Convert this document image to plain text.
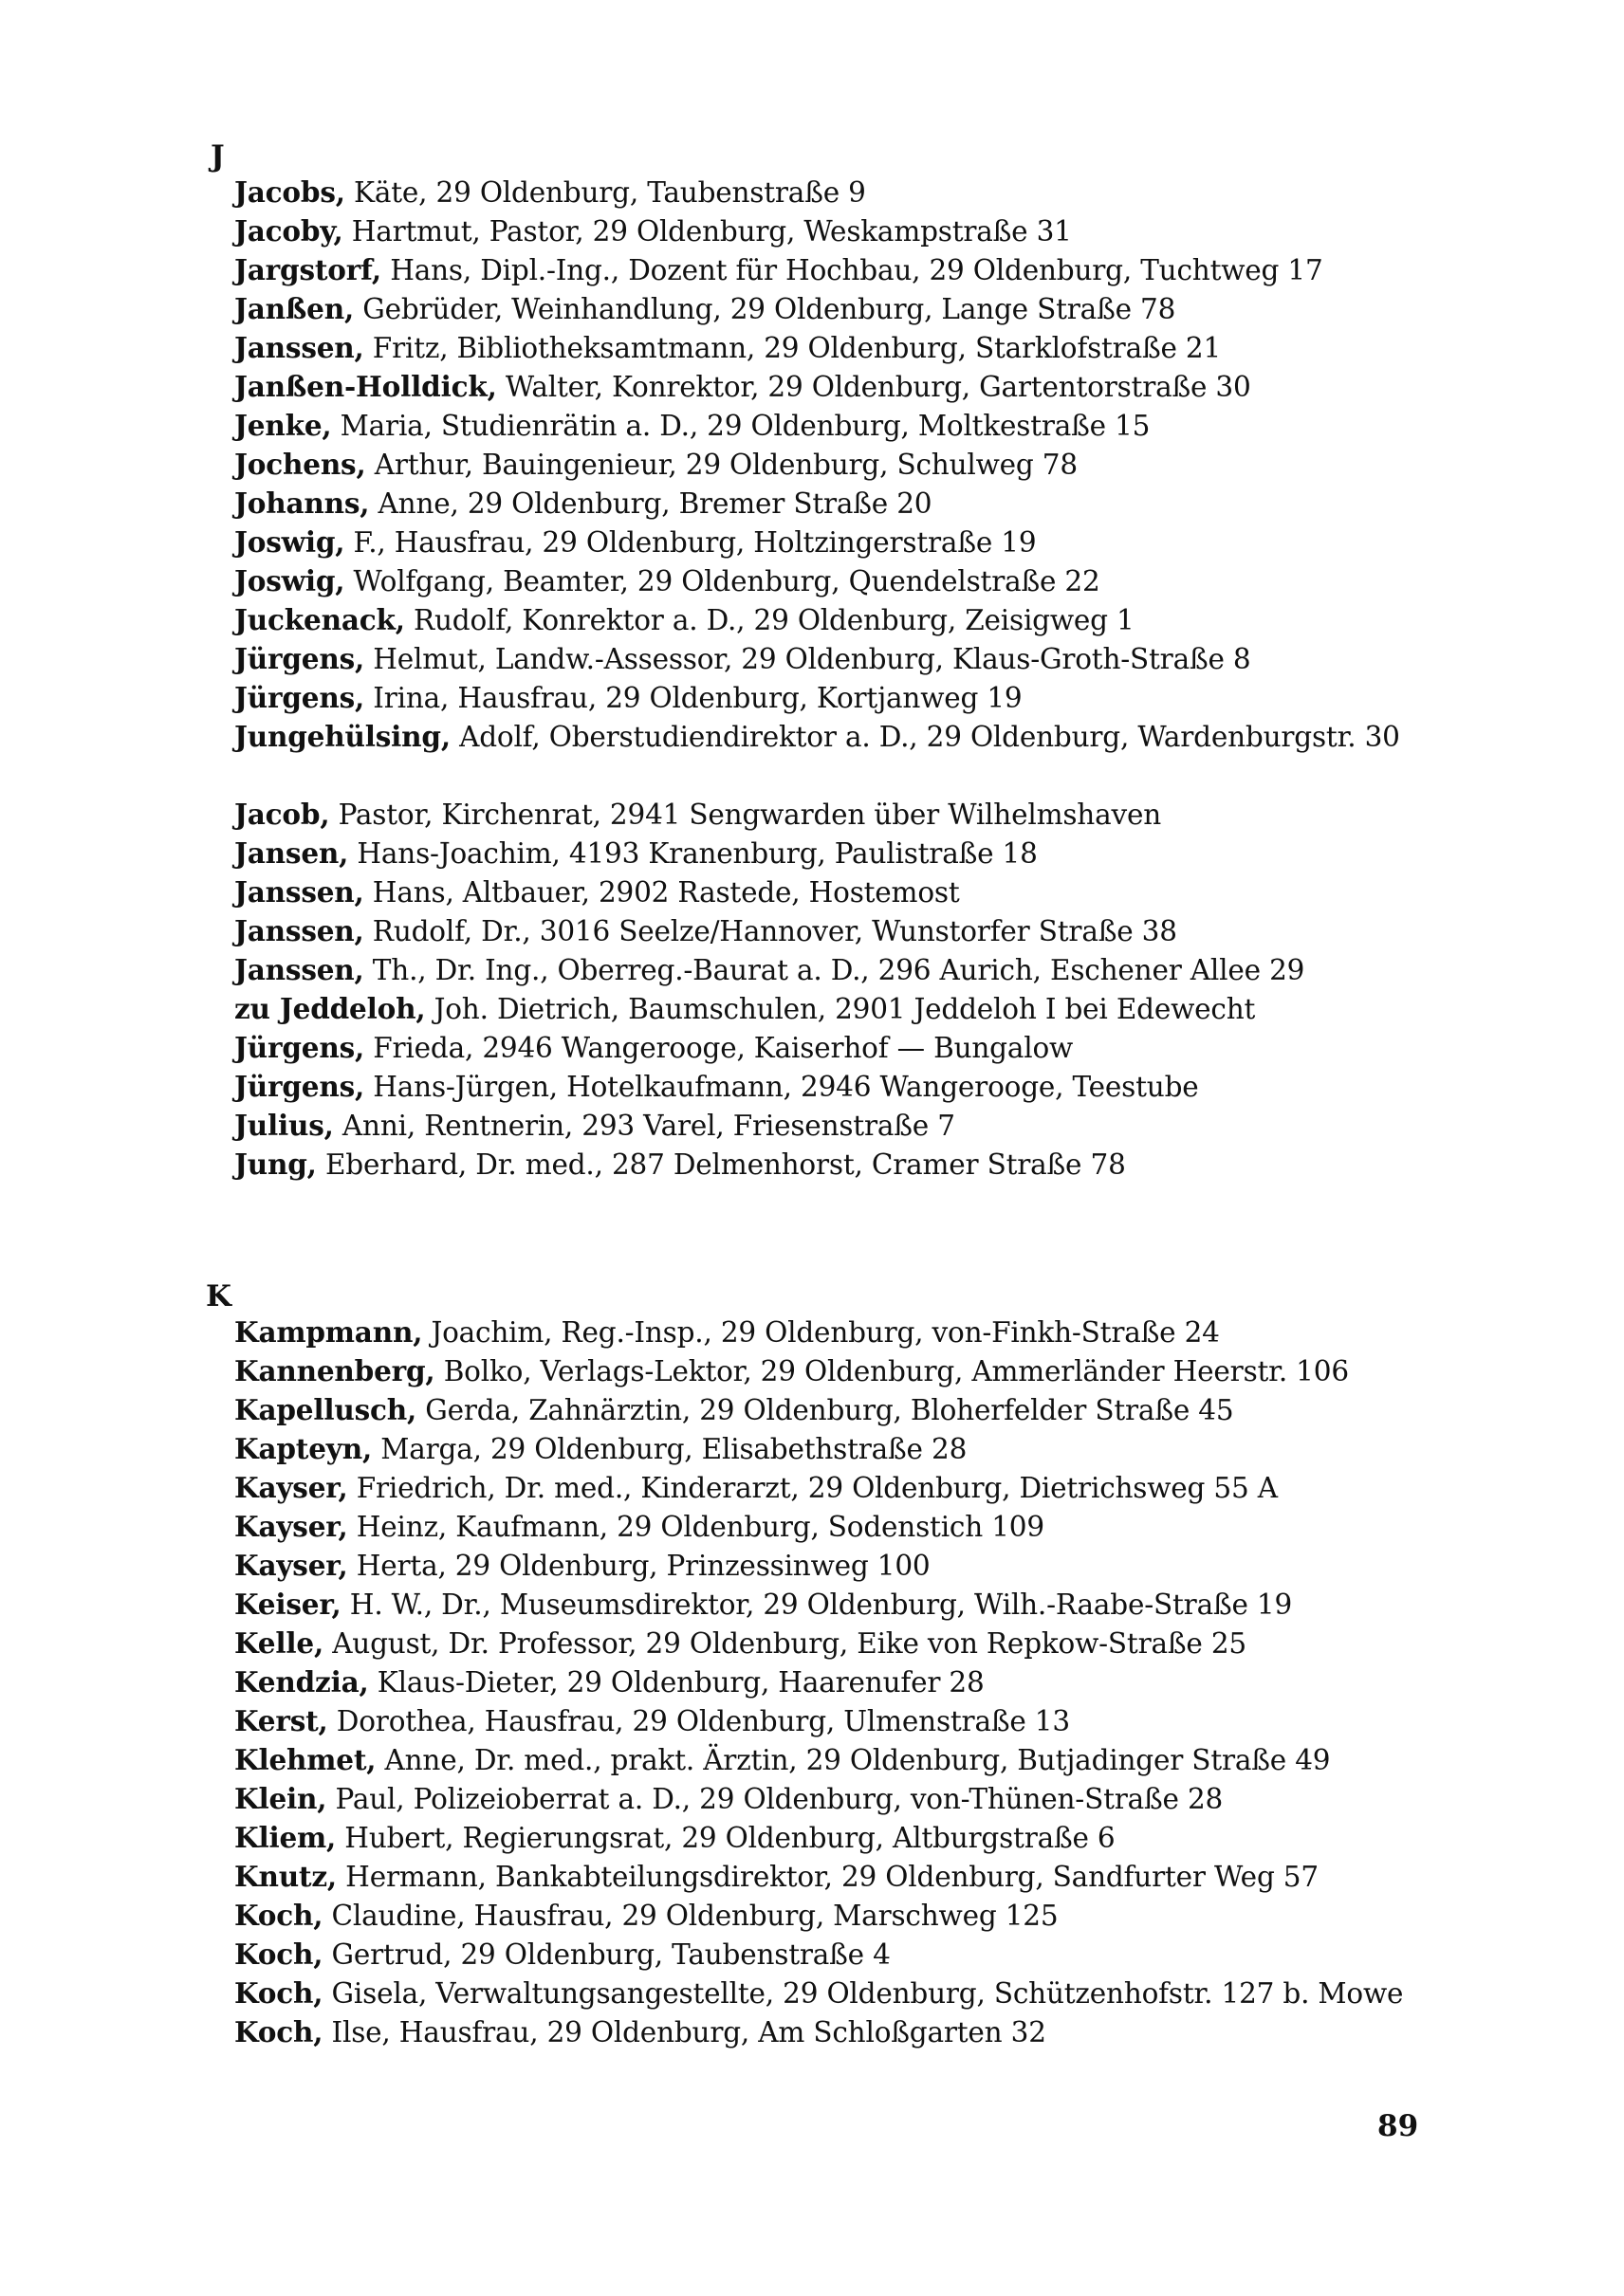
J
Jacobs, Käte, 29 Oldenburg, Taubenstraße 9
Jacoby, Hartmut, Pastor, 29 Oldenburg, Weskampstraße 31
Jargstorf, Hans, Dipl.-Ing., Dozent für Hochbau, 29 Oldenburg, Tuchtweg 17
Janßen, Gebrüder, Weinhandlung, 29 Oldenburg, Lange Straße 78
Janssen, Fritz, Bibliotheksamtmann, 29 Oldenburg, Starklofstraße 21
Janßen-Holldick, Walter, Konrektor, 29 Oldenburg, Gartentorstraße 30
Jenke, Maria, Studienrätin a. D., 29 Oldenburg, Moltkestraße 15
Jochens, Arthur, Bauingenieur, 29 Oldenburg, Schulweg 78
Johanns, Anne, 29 Oldenburg, Bremer Straße 20
Joswig, F., Hausfrau, 29 Oldenburg, Holtzingerstraße 19
Joswig, Wolfgang, Beamter, 29 Oldenburg, Quendelstraße 22
Juckenack, Rudolf, Konrektor a. D., 29 Oldenburg, Zeisigweg 1
Jürgens, Helmut, Landw.-Assessor, 29 Oldenburg, Klaus-Groth-Straße 8
Jürgens, Irina, Hausfrau, 29 Oldenburg, Kortjanweg 19
Jungehülsing, Adolf, Oberstudiendirektor a. D., 29 Oldenburg, Wardenburgstr. 30
Jacob, Pastor, Kirchenrat, 2941 Sengwarden über Wilhelmshaven
Jansen, Hans-Joachim, 4193 Kranenburg, Paulistraße 18
Janssen, Hans, Altbauer, 2902 Rastede, Hostemost
Janssen, Rudolf, Dr., 3016 Seelze/Hannover, Wunstorfer Straße 38
Janssen, Th., Dr. Ing., Oberreg.-Baurat a. D., 296 Aurich, Eschener Allee 29
zu Jeddeloh, Joh. Dietrich, Baumschulen, 2901 Jeddeloh I bei Edewecht
Jürgens, Frieda, 2946 Wangerooge, Kaiserhof — Bungalow
Jürgens, Hans-Jürgen, Hotelkaufmann, 2946 Wangerooge, Teestube
Julius, Anni, Rentnerin, 293 Varel, Friesenstraße 7
Jung, Eberhard, Dr. med., 287 Delmenhorst, Cramer Straße 78
K
Kampmann, Joachim, Reg.-Insp., 29 Oldenburg, von-Finkh-Straße 24
Kannenberg, Bolko, Verlags-Lektor, 29 Oldenburg, Ammerländer Heerstr. 106
Kapellusch, Gerda, Zahnärztin, 29 Oldenburg, Bloherfelder Straße 45
Kapteyn, Marga, 29 Oldenburg, Elisabethstraße 28
Kayser, Friedrich, Dr. med., Kinderarzt, 29 Oldenburg, Dietrichsweg 55 A
Kayser, Heinz, Kaufmann, 29 Oldenburg, Sodenstich 109
Kayser, Herta, 29 Oldenburg, Prinzessinweg 100
Keiser, H. W., Dr., Museumsdirektor, 29 Oldenburg, Wilh.-Raabe-Straße 19
Kelle, August, Dr. Professor, 29 Oldenburg, Eike von Repkow-Straße 25
Kendzia, Klaus-Dieter, 29 Oldenburg, Haarenufer 28
Kerst, Dorothea, Hausfrau, 29 Oldenburg, Ulmenstraße 13
Klehmet, Anne, Dr. med., prakt. Ärztin, 29 Oldenburg, Butjadinger Straße 49
Klein, Paul, Polizeioberrat a. D., 29 Oldenburg, von-Thünen-Straße 28
Kliem, Hubert, Regierungsrat, 29 Oldenburg, Altburgstraße 6
Knutz, Hermann, Bankabteilungsdirektor, 29 Oldenburg, Sandfurter Weg 57
Koch, Claudine, Hausfrau, 29 Oldenburg, Marschweg 125
Koch, Gertrud, 29 Oldenburg, Taubenstraße 4
Koch, Gisela, Verwaltungsangestellte, 29 Oldenburg, Schützenhofstr. 127 b. Mowe
Koch, Ilse, Hausfrau, 29 Oldenburg, Am Schloßgarten 32
89
